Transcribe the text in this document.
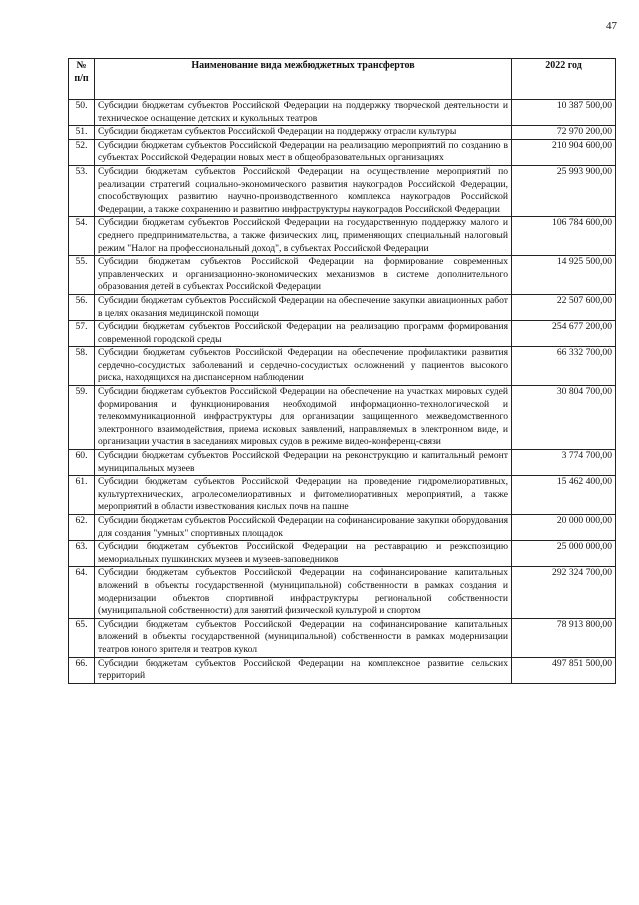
47
№ п/п	Наименование вида межбюджетных трансфертов	2022 год
50.	Субсидии бюджетам субъектов Российской Федерации на поддержку творческой деятельности и техническое оснащение детских и кукольных театров	10 387 500,00
51.	Субсидии бюджетам субъектов Российской Федерации на поддержку отрасли культуры	72 970 200,00
52.	Субсидии бюджетам субъектов Российской Федерации на реализацию мероприятий по созданию в субъектах Российской Федерации новых мест в общеобразовательных организациях	210 904 600,00
53.	Субсидии бюджетам субъектов Российской Федерации на осуществление мероприятий по реализации стратегий социально-экономического развития наукоградов Российской Федерации, способствующих развитию научно-производственного комплекса наукоградов Российской Федерации, а также сохранению и развитию инфраструктуры наукоградов Российской Федерации	25 993 900,00
54.	Субсидии бюджетам субъектов Российской Федерации на государственную поддержку малого и среднего предпринимательства, а также физических лиц, применяющих специальный налоговый режим "Налог на профессиональный доход", в субъектах Российской Федерации	106 784 600,00
55.	Субсидии бюджетам субъектов Российской Федерации на формирование современных управленческих и организационно-экономических механизмов в системе дополнительного образования детей в субъектах Российской Федерации	14 925 500,00
56.	Субсидии бюджетам субъектов Российской Федерации на обеспечение закупки авиационных работ в целях оказания медицинской помощи	22 507 600,00
57.	Субсидии бюджетам субъектов Российской Федерации на реализацию программ формирования современной городской среды	254 677 200,00
58.	Субсидии бюджетам субъектов Российской Федерации на обеспечение профилактики развития сердечно-сосудистых заболеваний и сердечно-сосудистых осложнений у пациентов высокого риска, находящихся на диспансерном наблюдении	66 332 700,00
59.	Субсидии бюджетам субъектов Российской Федерации на обеспечение на участках мировых судей формирования и функционирования необходимой информационно-технологической и телекоммуникационной инфраструктуры для организации защищенного межведомственного электронного взаимодействия, приема исковых заявлений, направляемых в электронном виде, и организации участия в заседаниях мировых судов в режиме видео-конференц-связи	30 804 700,00
60.	Субсидии бюджетам субъектов Российской Федерации на реконструкцию и капитальный ремонт муниципальных музеев	3 774 700,00
61.	Субсидии бюджетам субъектов Российской Федерации на проведение гидромелиоративных, культуртехнических, агролесомелиоративных и фитомелиоративных мероприятий, а также мероприятий в области известкования кислых почв на пашне	15 462 400,00
62.	Субсидии бюджетам субъектов Российской Федерации на софинансирование закупки оборудования для создания "умных" спортивных площадок	20 000 000,00
63.	Субсидии бюджетам субъектов Российской Федерации на реставрацию и реэкспозицию мемориальных пушкинских музеев и музеев-заповедников	25 000 000,00
64.	Субсидии бюджетам субъектов Российской Федерации на софинансирование капитальных вложений в объекты государственной (муниципальной) собственности в рамках создания и модернизации объектов спортивной инфраструктуры региональной собственности (муниципальной собственности) для занятий физической культурой и спортом	292 324 700,00
65.	Субсидии бюджетам субъектов Российской Федерации на софинансирование капитальных вложений в объекты государственной (муниципальной) собственности в рамках модернизации театров юного зрителя и театров кукол	78 913 800,00
66.	Субсидии бюджетам субъектов Российской Федерации на комплексное развитие сельских территорий	497 851 500,00
